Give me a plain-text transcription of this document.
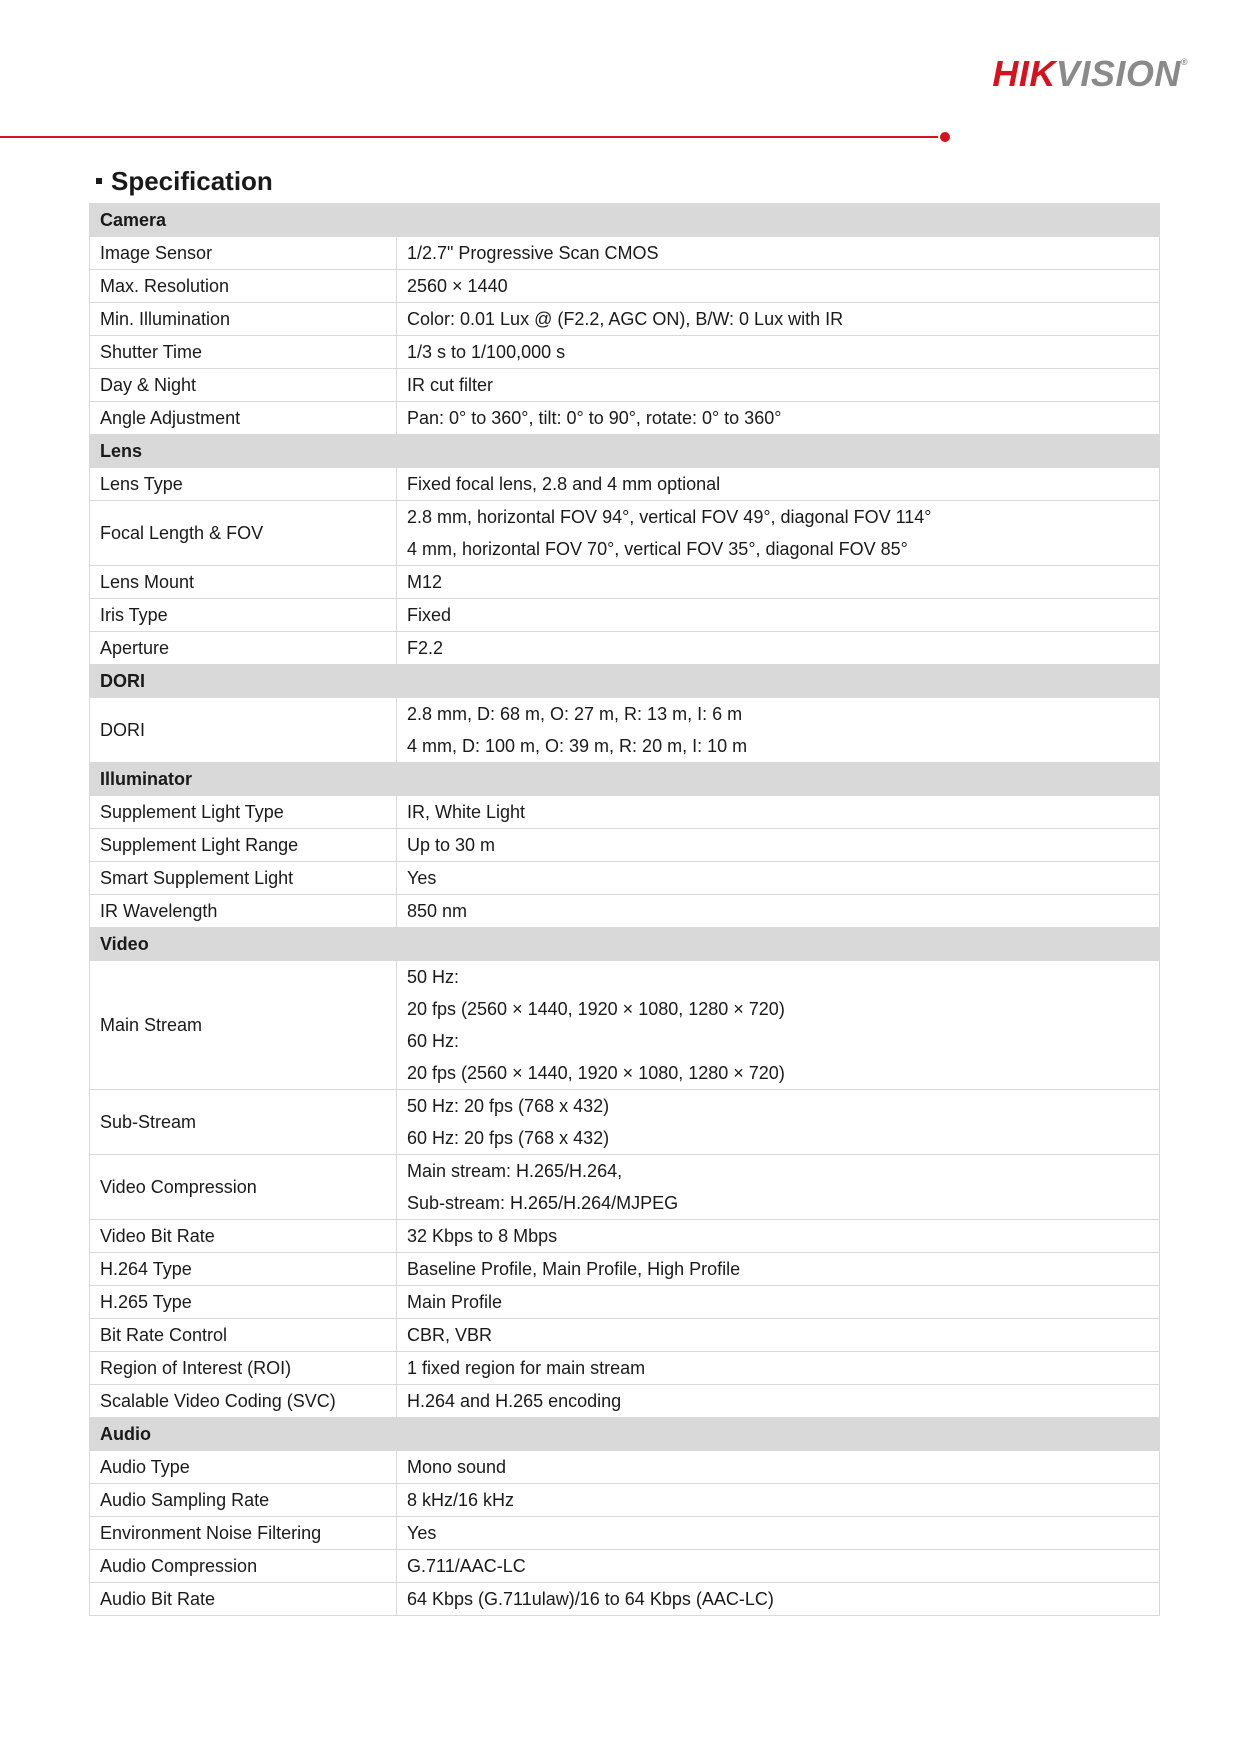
HIKVISION®
Specification
Camera	
Image Sensor	1/2.7" Progressive Scan CMOS

Max. Resolution	2560 × 1440

Min. Illumination	Color: 0.01 Lux @ (F2.2, AGC ON), B/W: 0 Lux with IR

Shutter Time	1/3 s to 1/100,000 s

Day & Night	IR cut filter

Angle Adjustment	Pan: 0° to 360°, tilt: 0° to 90°, rotate: 0° to 360°

Lens	
Lens Type	Fixed focal lens, 2.8 and 4 mm optional

Focal Length & FOV	2.8 mm, horizontal FOV 94°, vertical FOV 49°, diagonal FOV 114°
4 mm, horizontal FOV 70°, vertical FOV 35°, diagonal FOV 85°

Lens Mount	M12

Iris Type	Fixed

Aperture	F2.2

DORI	
DORI	2.8 mm, D: 68 m, O: 27 m, R: 13 m, I: 6 m
4 mm, D: 100 m, O: 39 m, R: 20 m, I: 10 m

Illuminator	
Supplement Light Type	IR, White Light

Supplement Light Range	Up to 30 m

Smart Supplement Light	Yes

IR Wavelength	850 nm

Video	
Main Stream	50 Hz:
20 fps (2560 × 1440, 1920 × 1080, 1280 × 720)
60 Hz:
20 fps (2560 × 1440, 1920 × 1080, 1280 × 720)

Sub-Stream	50 Hz: 20 fps (768 x 432)
60 Hz: 20 fps (768 x 432)

Video Compression	Main stream: H.265/H.264,
Sub-stream: H.265/H.264/MJPEG

Video Bit Rate	32 Kbps to 8 Mbps

H.264 Type	Baseline Profile, Main Profile, High Profile

H.265 Type	Main Profile

Bit Rate Control	CBR, VBR

Region of Interest (ROI)	1 fixed region for main stream

Scalable Video Coding (SVC)	H.264 and H.265 encoding

Audio	
Audio Type	Mono sound

Audio Sampling Rate	8 kHz/16 kHz

Environment Noise Filtering	Yes

Audio Compression	G.711/AAC-LC

Audio Bit Rate	64 Kbps (G.711ulaw)/16 to 64 Kbps (AAC-LC)
